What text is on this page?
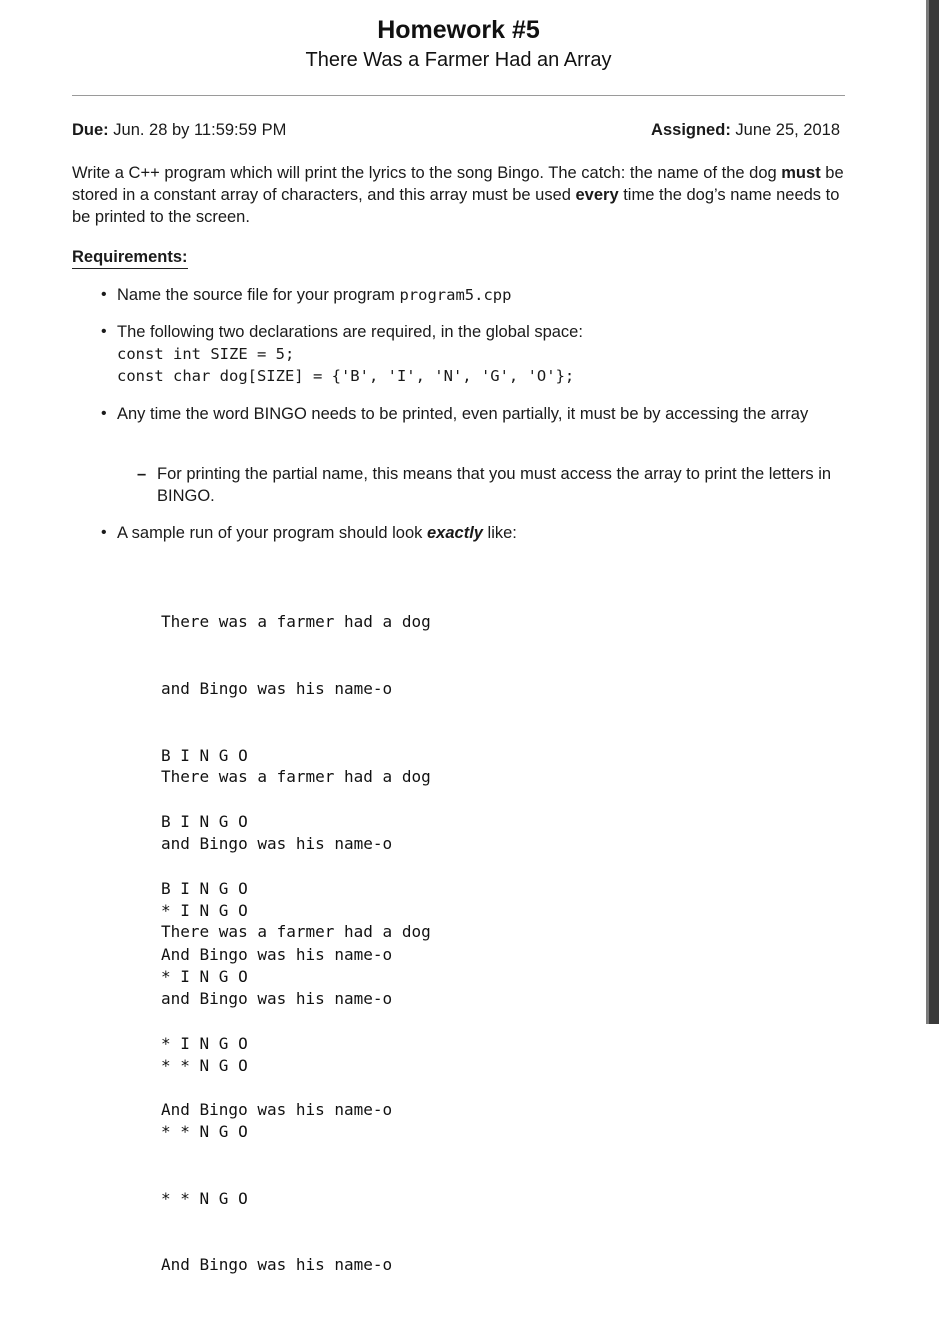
Homework #5
There Was a Farmer Had an Array
Due: Jun. 28 by 11:59:59 PM	Assigned: June 25, 2018
Write a C++ program which will print the lyrics to the song Bingo. The catch: the name of the dog must be stored in a constant array of characters, and this array must be used every time the dog’s name needs to be printed to the screen.
Requirements:
• Name the source file for your program program5.cpp
• The following two declarations are required, in the global space:
const int SIZE = 5;
const char dog[SIZE] = {'B', 'I', 'N', 'G', 'O'};
• Any time the word BINGO needs to be printed, even partially, it must be by accessing the array
– For printing the partial name, this means that you must access the array to print the letters in BINGO.
• A sample run of your program should look exactly like:

There was a farmer had a dog

and Bingo was his name-o

B I N G O

B I N G O

B I N G O

And Bingo was his name-o

There was a farmer had a dog

and Bingo was his name-o

* I N G O

* I N G O

* I N G O

And Bingo was his name-o

There was a farmer had a dog

and Bingo was his name-o

* * N G O

* * N G O

* * N G O

And Bingo was his name-o
